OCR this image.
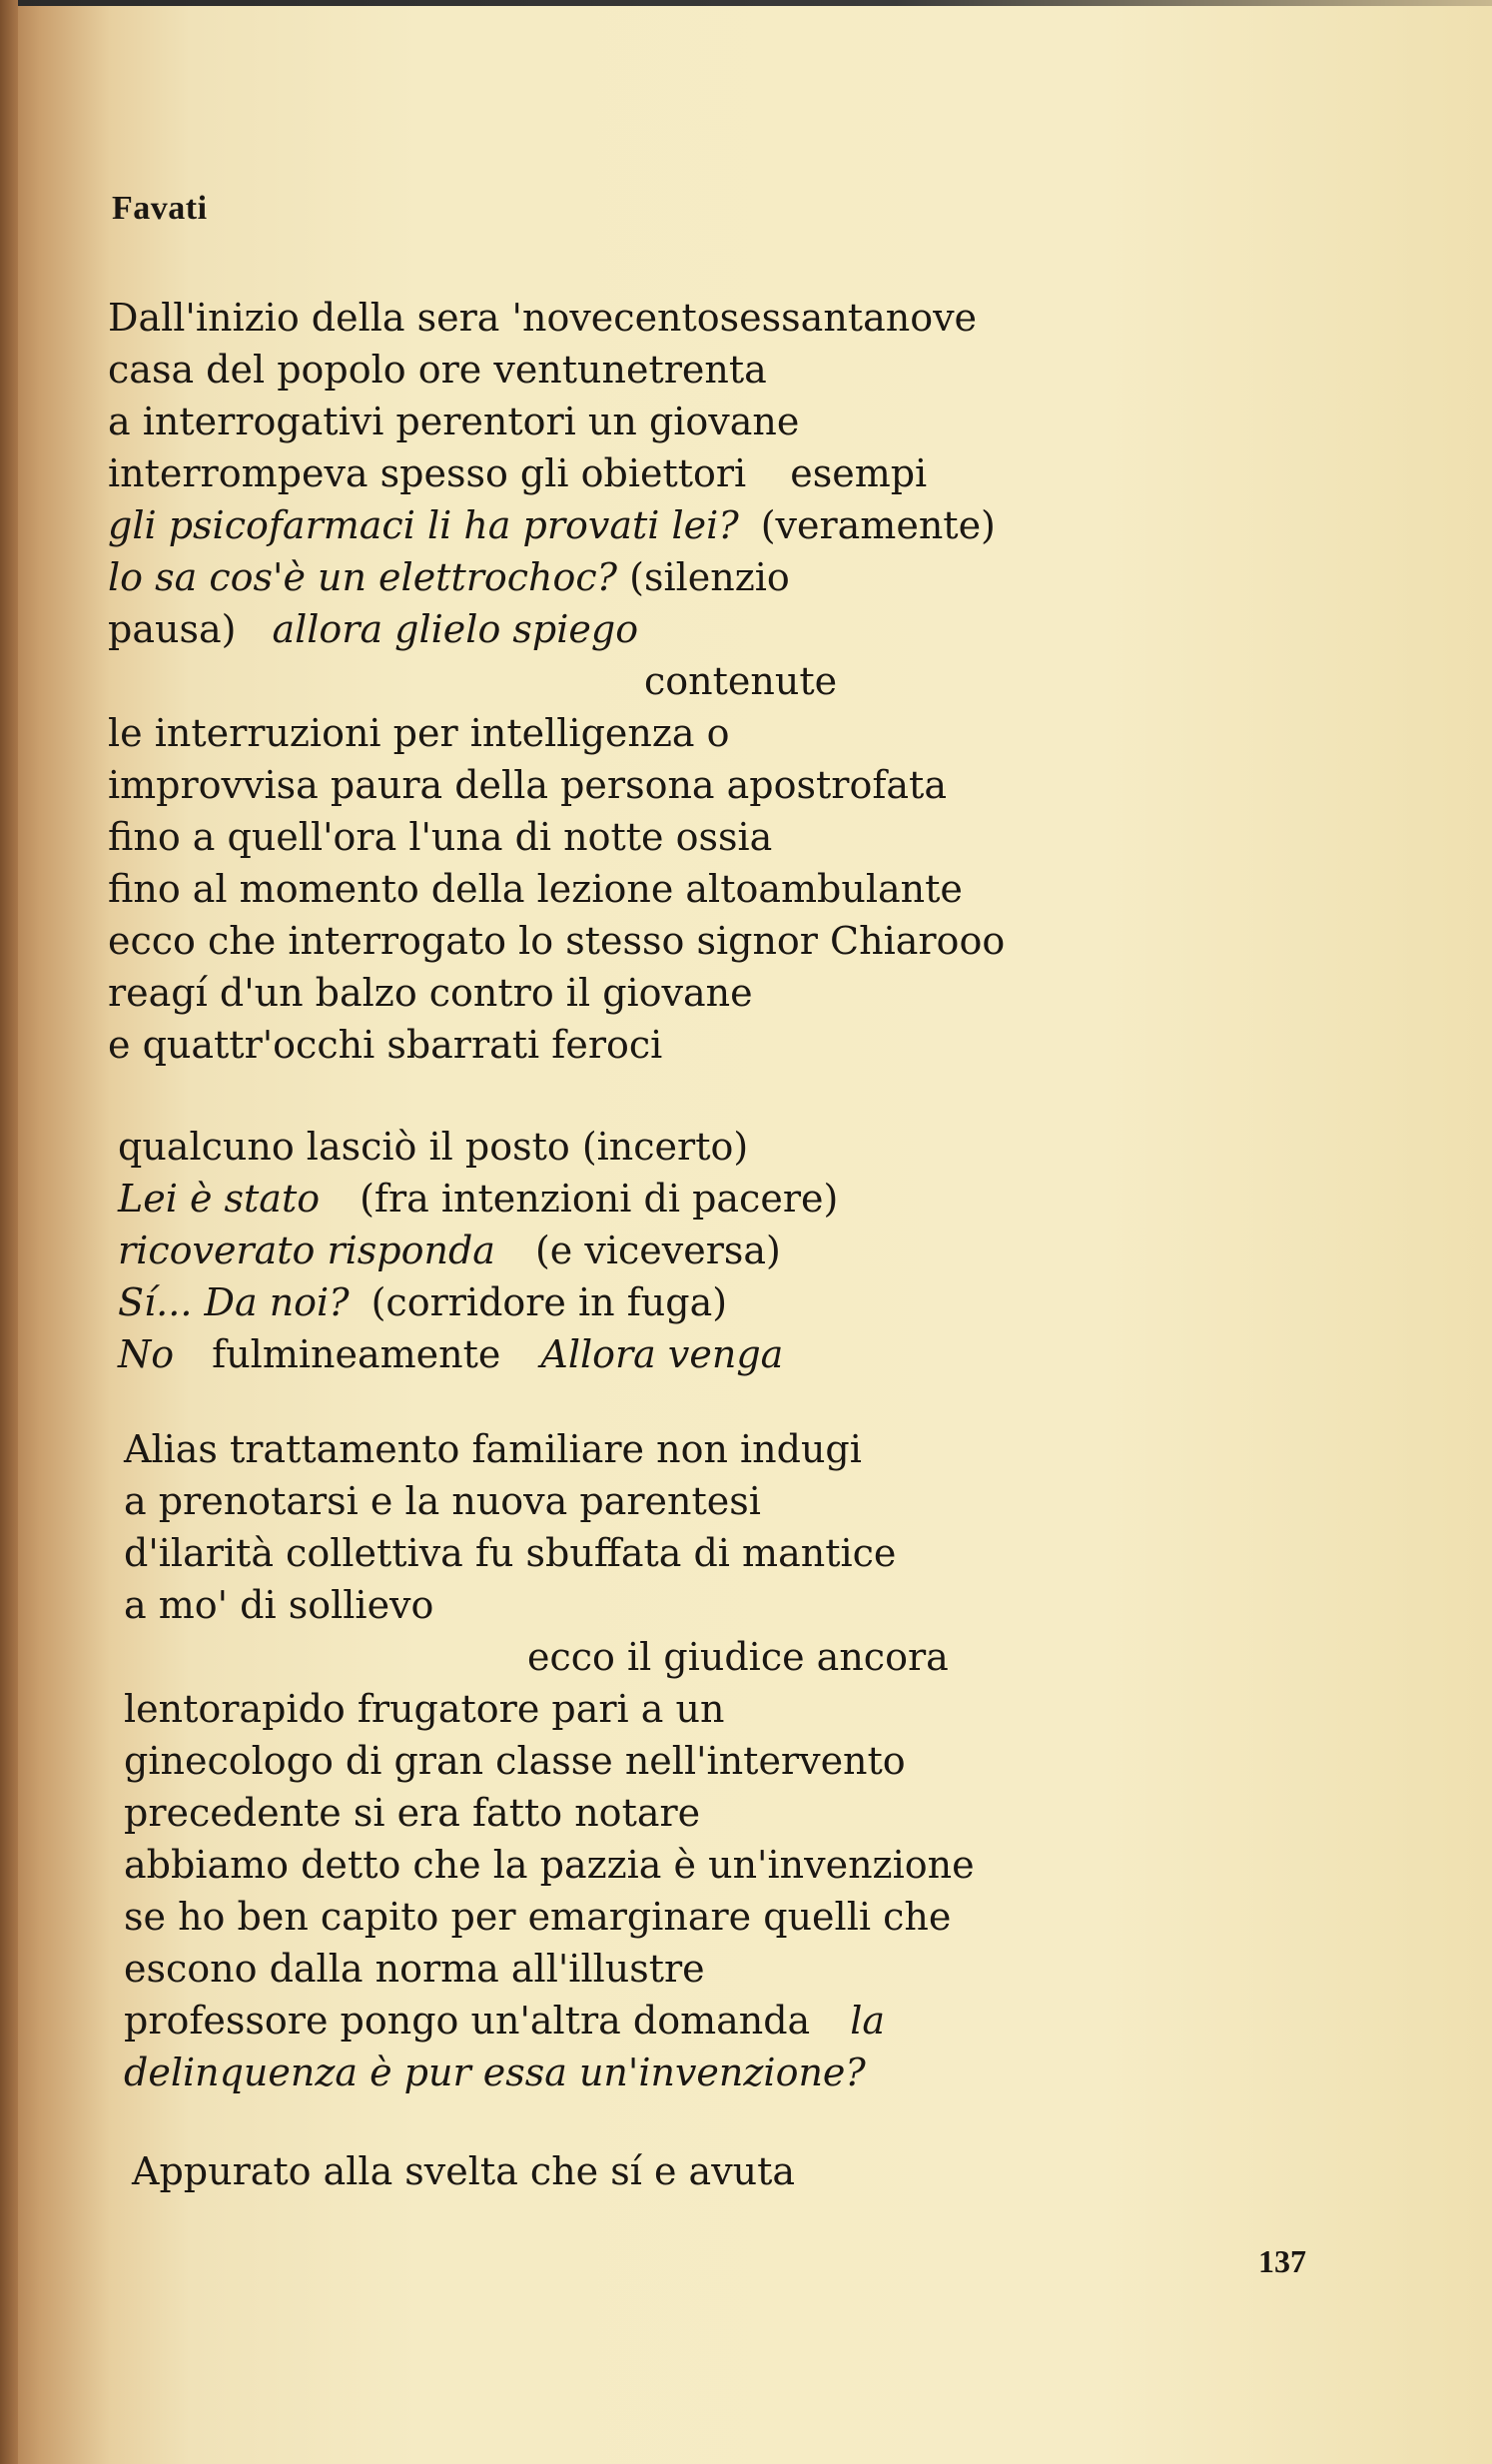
Favati
Dall'inizio della sera 'novecentosessantanove
casa del popolo ore ventunetrenta
a interrogativi perentori un giovane
interrompeva spesso gli obiettori esempi
gli psicofarmaci li ha provati lei? (veramente)
lo sa cos'è un elettrochoc? (silenzio
pausa) allora glielo spiego
contenute
le interruzioni per intelligenza o
improvvisa paura della persona apostrofata
fino a quell'ora l'una di notte ossia
fino al momento della lezione altoambulante
ecco che interrogato lo stesso signor Chiarooo
reagí d'un balzo contro il giovane
e quattr'occhi sbarrati feroci
qualcuno lasciò il posto (incerto)
Lei è stato (fra intenzioni di pacere)
ricoverato risponda (e viceversa)
Sí... Da noi? (corridore in fuga)
No fulmineamente Allora venga
Alias trattamento familiare non indugi
a prenotarsi e la nuova parentesi
d'ilarità collettiva fu sbuffata di mantice
a mo' di sollievo
ecco il giudice ancora
lentorapido frugatore pari a un
ginecologo di gran classe nell'intervento
precedente si era fatto notare
abbiamo detto che la pazzia è un'invenzione
se ho ben capito per emarginare quelli che
escono dalla norma all'illustre
professore pongo un'altra domanda la
delinquenza è pur essa un'invenzione?
Appurato alla svelta che sí e avuta
137
